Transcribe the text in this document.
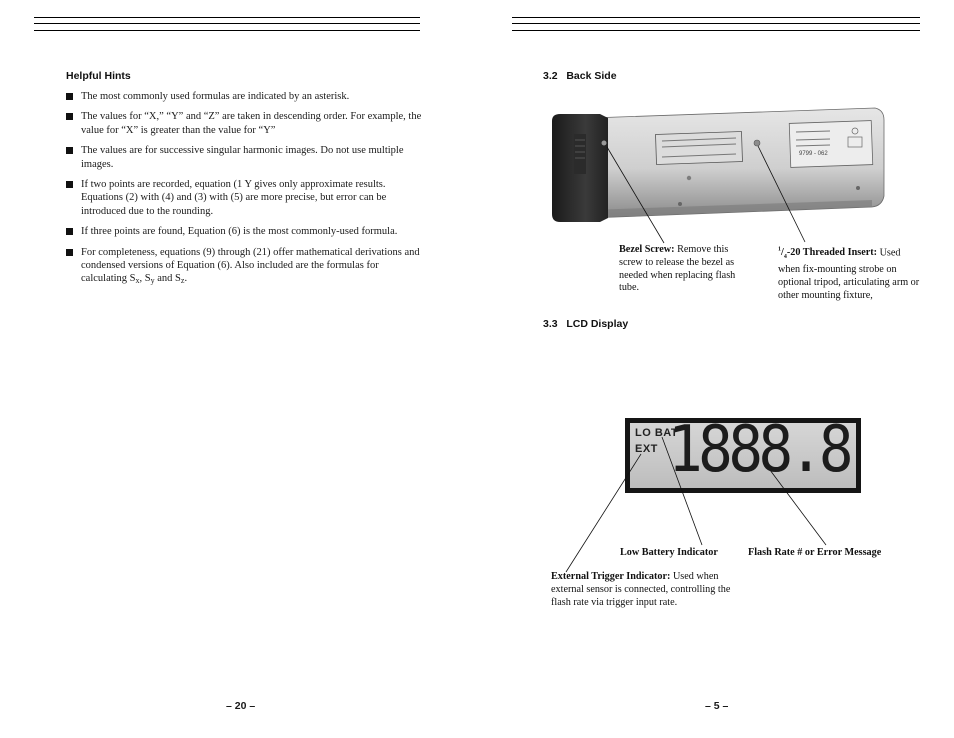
Helpful Hints
The most commonly used formulas are indicated by an asterisk.
The values for “X,” “Y” and “Z” are taken in descending order. For example, the value for “X” is greater than the value for “Y”
The values are for successive singular harmonic images. Do not use multiple images.
If two points are recorded, equation (1 Y gives only approximate results. Equations (2) with (4) and (3) with (5) are more precise, but error can be introduced due to the rounding.
If three points are found, Equation (6) is the most commonly-used formula.
For completeness, equations (9) through (21) offer mathematical derivations and condensed versions of Equation (6). Also included are the formulas for calculating $S_x$, $S_y$ and $S_z$.
– 20 –
3.2   Back Side
9799 - 062
LO BAT
EXT 1888.8
Bezel Screw: Remove this screw to release the bezel as needed when replacing flash tube.
$^1/_4-20$ Threaded Insert: Used when fix-mounting strobe on optional tripod, articulating arm or other mounting fixture,
3.3   LCD Display
Low Battery Indicator	Flash Rate # or Error Message
External Trigger Indicator: Used when external sensor is connected, controlling the flash rate via trigger input rate.
– 5 –
